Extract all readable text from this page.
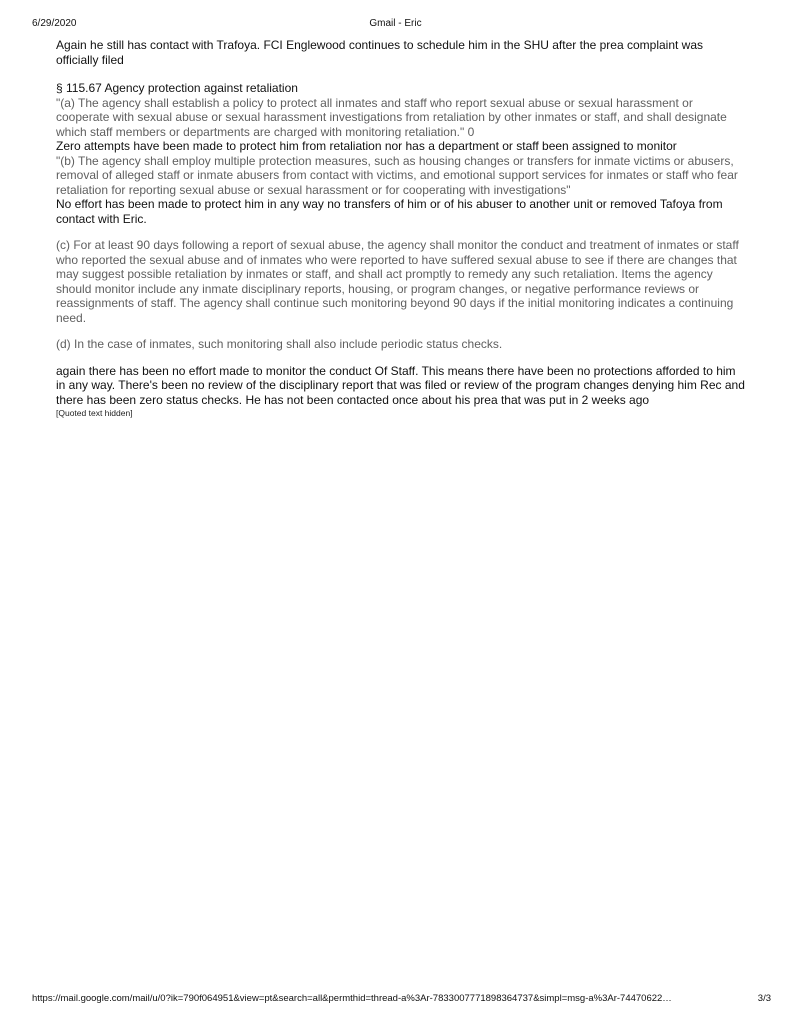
6/29/2020	Gmail - Eric

Again he still has contact with Trafoya. FCI Englewood continues to schedule him in the SHU after the prea complaint was officially filed

§ 115.67 Agency protection against retaliation

"(a) The agency shall establish a policy to protect all inmates and staff who report sexual abuse or sexual harassment or cooperate with sexual abuse or sexual harassment investigations from retaliation by other inmates or staff, and shall designate which staff members or departments are charged with monitoring retaliation." 0

Zero attempts have been made to protect him from retaliation nor has a department or staff been assigned to monitor

"(b) The agency shall employ multiple protection measures, such as housing changes or transfers for inmate victims or abusers, removal of alleged staff or inmate abusers from contact with victims, and emotional support services for inmates or staff who fear retaliation for reporting sexual abuse or sexual harassment or for cooperating with investigations"

No effort has been made to protect him in any way no transfers of him or of his abuser to another unit or removed Tafoya from contact with Eric.

(c) For at least 90 days following a report of sexual abuse, the agency shall monitor the conduct and treatment of inmates or staff who reported the sexual abuse and of inmates who were reported to have suffered sexual abuse to see if there are changes that may suggest possible retaliation by inmates or staff, and shall act promptly to remedy any such retaliation. Items the agency should monitor include any inmate disciplinary reports, housing, or program changes, or negative performance reviews or reassignments of staff. The agency shall continue such monitoring beyond 90 days if the initial monitoring indicates a continuing need.

(d) In the case of inmates, such monitoring shall also include periodic status checks.

again there has been no effort made to monitor the conduct Of Staff. This means there have been no protections afforded to him in any way. There's been no review of the disciplinary report that was filed or review of the program changes denying him Rec and there has been zero status checks. He has not been contacted once about his prea that was put in 2 weeks ago

[Quoted text hidden]

https://mail.google.com/mail/u/0?ik=790f064951&view=pt&search=all&permthid=thread-a%3Ar-7833007771898364737&simpl=msg-a%3Ar-74470622…	3/3
